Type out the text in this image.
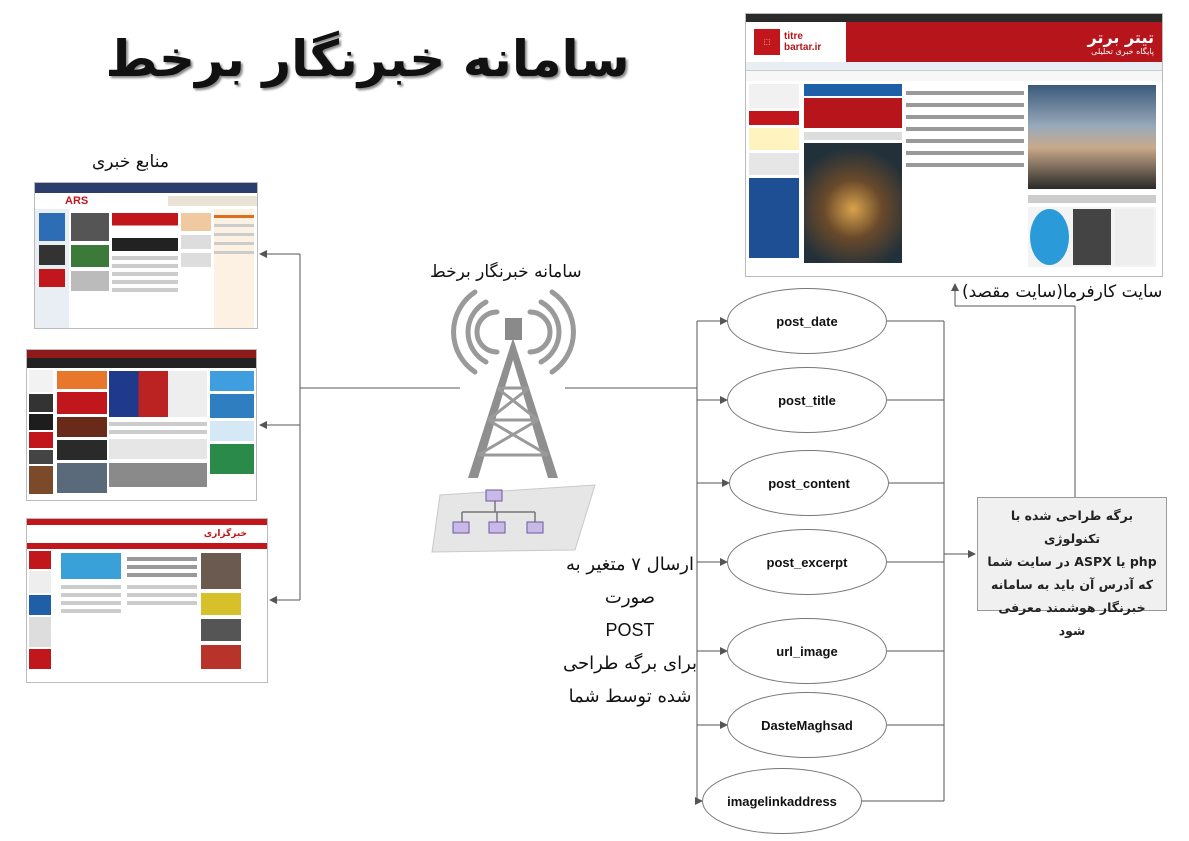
سامانه خبرنگار برخط
منابع خبری
ARS
خبرگزاری
⬚	titre bartar.ir
تیتر برتر
پایگاه خبری تحلیلی
سایت کارفرما(سایت مقصد)
سامانه خبرنگار برخط
post_date
post_title
post_content
post_excerpt
url_image
DasteMaghsad
imagelinkaddress
ارسال ۷ متغیر به
صورت
POST
برای برگه طراحی
شده توسط شما
برگه طراحی شده با تکنولوژی
php یا ASPX در سایت شما
که آدرس آن باید به سامانه
خبرنگار هوشمند معرفی شود
